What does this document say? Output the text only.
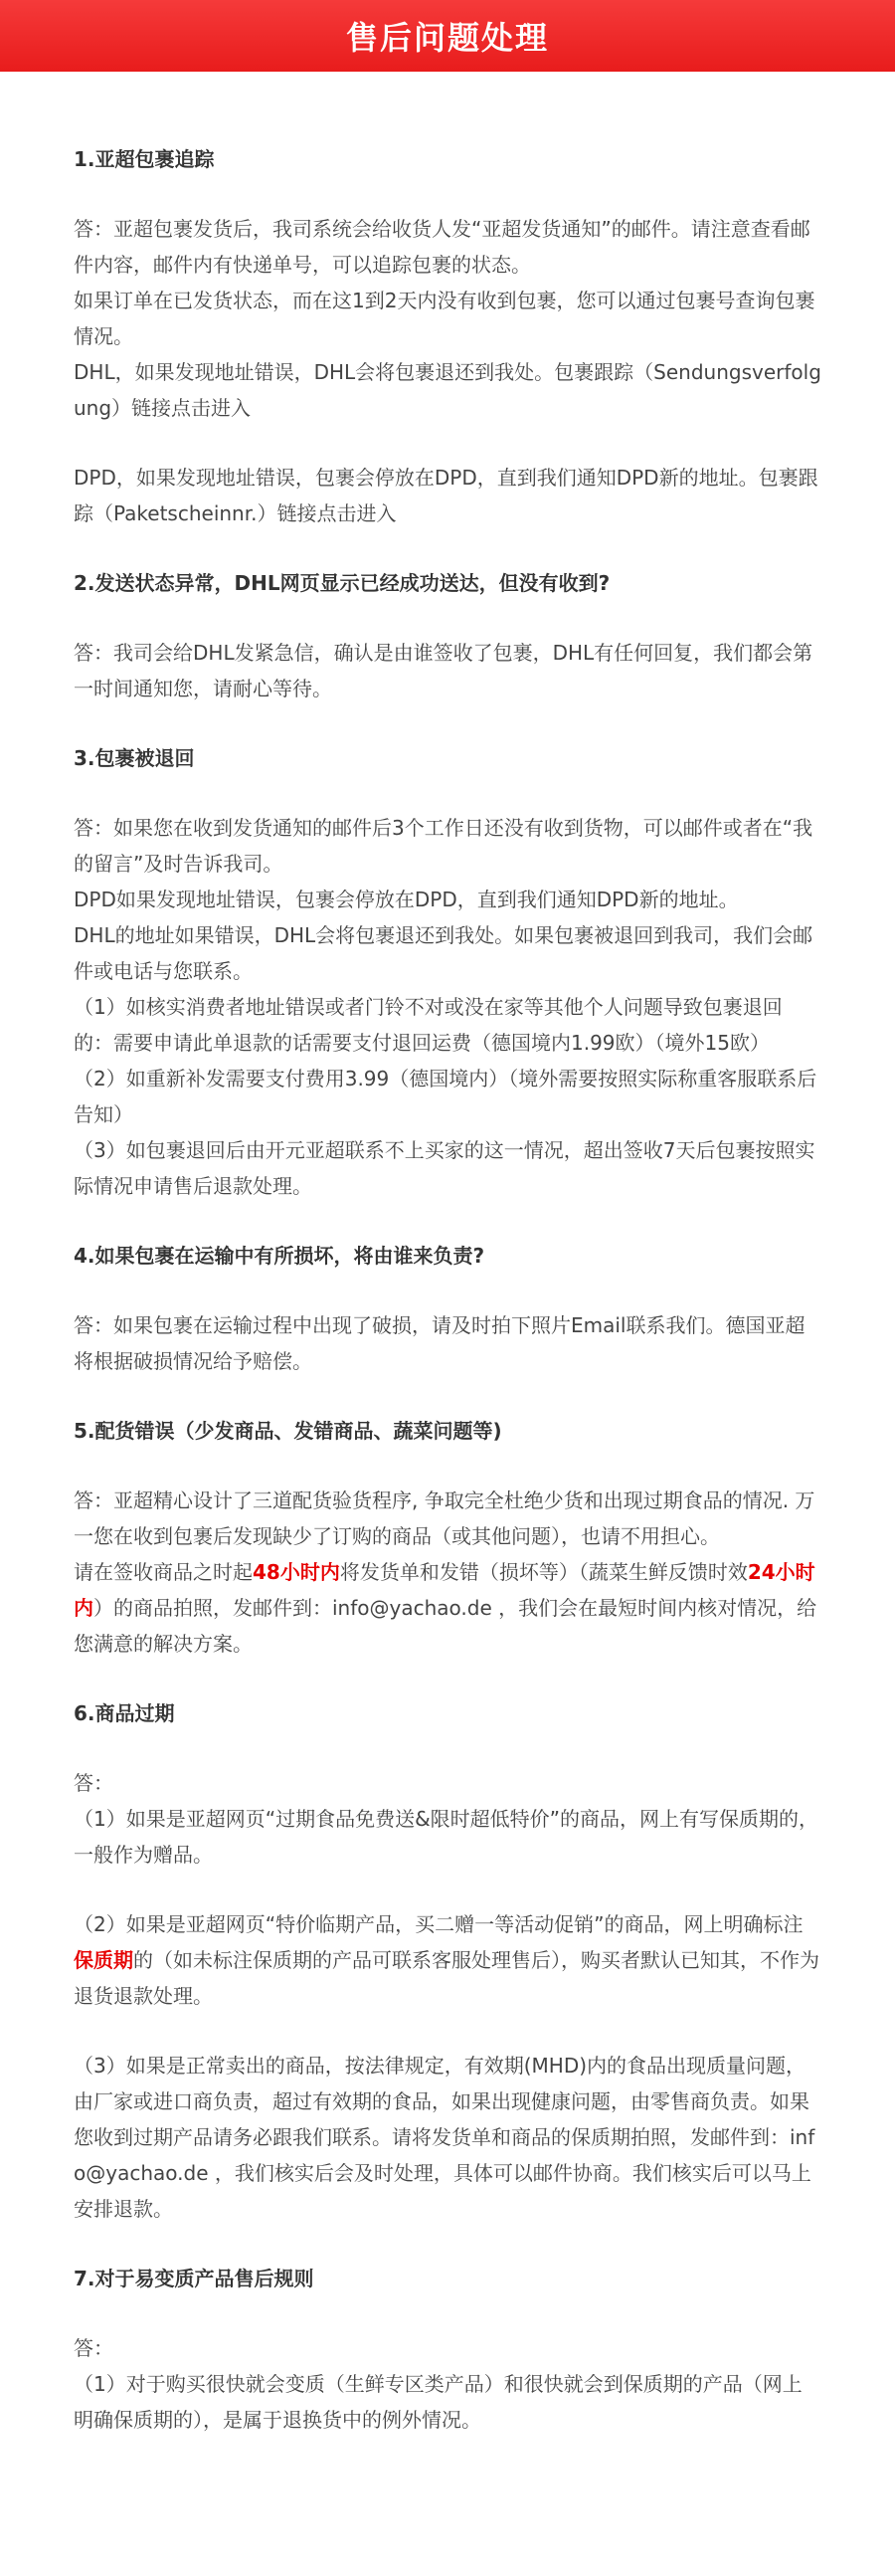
售后问题处理
1.亚超包裹追踪
答：亚超包裹发货后，我司系统会给收货人发“亚超发货通知”的邮件。请注意查看邮件内容，邮件内有快递单号，可以追踪包裹的状态。
如果订单在已发货状态，而在这1到2天内没有收到包裹，您可以通过包裹号查询包裹情况。
DHL，如果发现地址错误，DHL会将包裹退还到我处。包裹跟踪（Sendungsverfolgung）链接点击进入
DPD，如果发现地址错误，包裹会停放在DPD，直到我们通知DPD新的地址。包裹跟踪（Paketscheinnr.）链接点击进入
2.发送状态异常，DHL网页显示已经成功送达，但没有收到?
答：我司会给DHL发紧急信，确认是由谁签收了包裹，DHL有任何回复，我们都会第一时间通知您，请耐心等待。
3.包裹被退回
答：如果您在收到发货通知的邮件后3个工作日还没有收到货物，可以邮件或者在“我的留言”及时告诉我司。
DPD如果发现地址错误，包裹会停放在DPD，直到我们通知DPD新的地址。
DHL的地址如果错误，DHL会将包裹退还到我处。如果包裹被退回到我司，我们会邮件或电话与您联系。
（1）如核实消费者地址错误或者门铃不对或没在家等其他个人问题导致包裹退回的：需要申请此单退款的话需要支付退回运费（德国境内1.99欧）（境外15欧）
（2）如重新补发需要支付费用3.99（德国境内）（境外需要按照实际称重客服联系后告知）
（3）如包裹退回后由开元亚超联系不上买家的这一情况，超出签收7天后包裹按照实际情况申请售后退款处理。
4.如果包裹在运输中有所损坏，将由谁来负责?
答：如果包裹在运输过程中出现了破损，请及时拍下照片Email联系我们。德国亚超将根据破损情况给予赔偿。
5.配货错误（少发商品、发错商品、蔬菜问题等)
答：亚超精心设计了三道配货验货程序, 争取完全杜绝少货和出现过期食品的情况. 万一您在收到包裹后发现缺少了订购的商品（或其他问题），也请不用担心。
请在签收商品之时起48小时内将发货单和发错（损坏等）（蔬菜生鲜反馈时效24小时内）的商品拍照，发邮件到：info@yachao.de ，我们会在最短时间内核对情况，给您满意的解决方案。
6.商品过期
答：
（1）如果是亚超网页“过期食品免费送&限时超低特价”的商品，网上有写保质期的，一般作为赠品。
（2）如果是亚超网页“特价临期产品，买二赠一等活动促销”的商品，网上明确标注保质期的（如未标注保质期的产品可联系客服处理售后），购买者默认已知其，不作为退货退款处理。
（3）如果是正常卖出的商品，按法律规定，有效期(MHD)内的食品出现质量问题，由厂家或进口商负责，超过有效期的食品，如果出现健康问题，由零售商负责。如果您收到过期产品请务必跟我们联系。请将发货单和商品的保质期拍照，发邮件到：info@yachao.de ，我们核实后会及时处理，具体可以邮件协商。我们核实后可以马上安排退款。
7.对于易变质产品售后规则
答：
（1）对于购买很快就会变质（生鲜专区类产品）和很快就会到保质期的产品（网上明确保质期的），是属于退换货中的例外情况。
